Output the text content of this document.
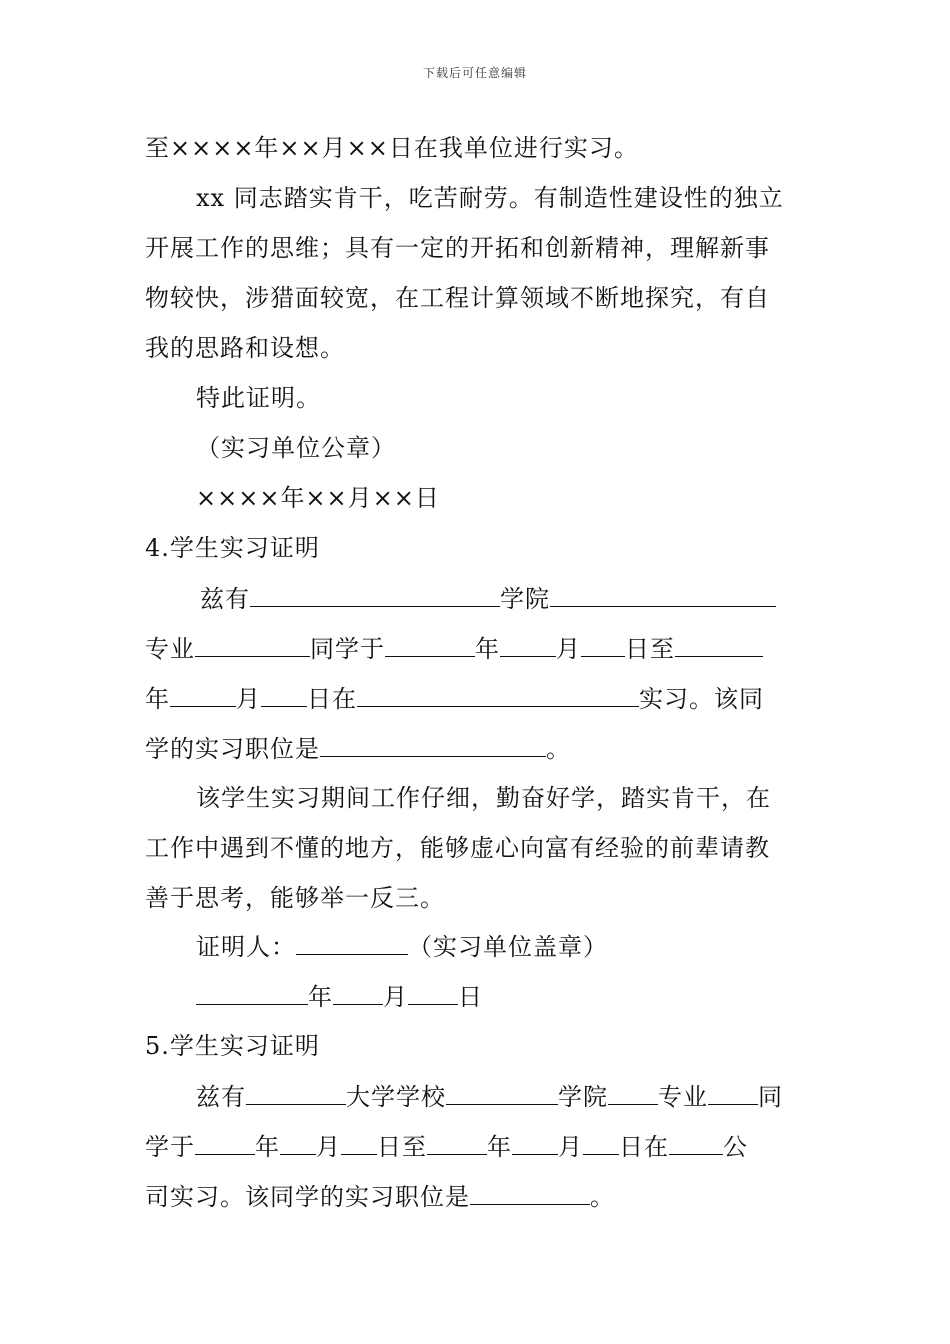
下载后可任意编辑
至××××年××月××日在我单位进行实习。
xx 同志踏实肯干，吃苦耐劳。有制造性建设性的独立
开展工作的思维；具有一定的开拓和创新精神，理解新事
物较快，涉猎面较宽，在工程计算领域不断地探究，有自
我的思路和设想。
特此证明。
（实习单位公章）
××××年××月××日
4.学生实习证明
兹有	学院
专业	同学于	年 月 日至
年	月 日在	实习。该同
学的实习职位是	。
该学生实习期间工作仔细，勤奋好学，踏实肯干，在
工作中遇到不懂的地方，能够虚心向富有经验的前辈请教
善于思考，能够举一反三。
证明人：	（实习单位盖章）
年 月 日
5.学生实习证明
兹有	大学学校	学院 专业 同
学于	年 月 日至	年 月 日在 公
司实习。该同学的实习职位是	。
